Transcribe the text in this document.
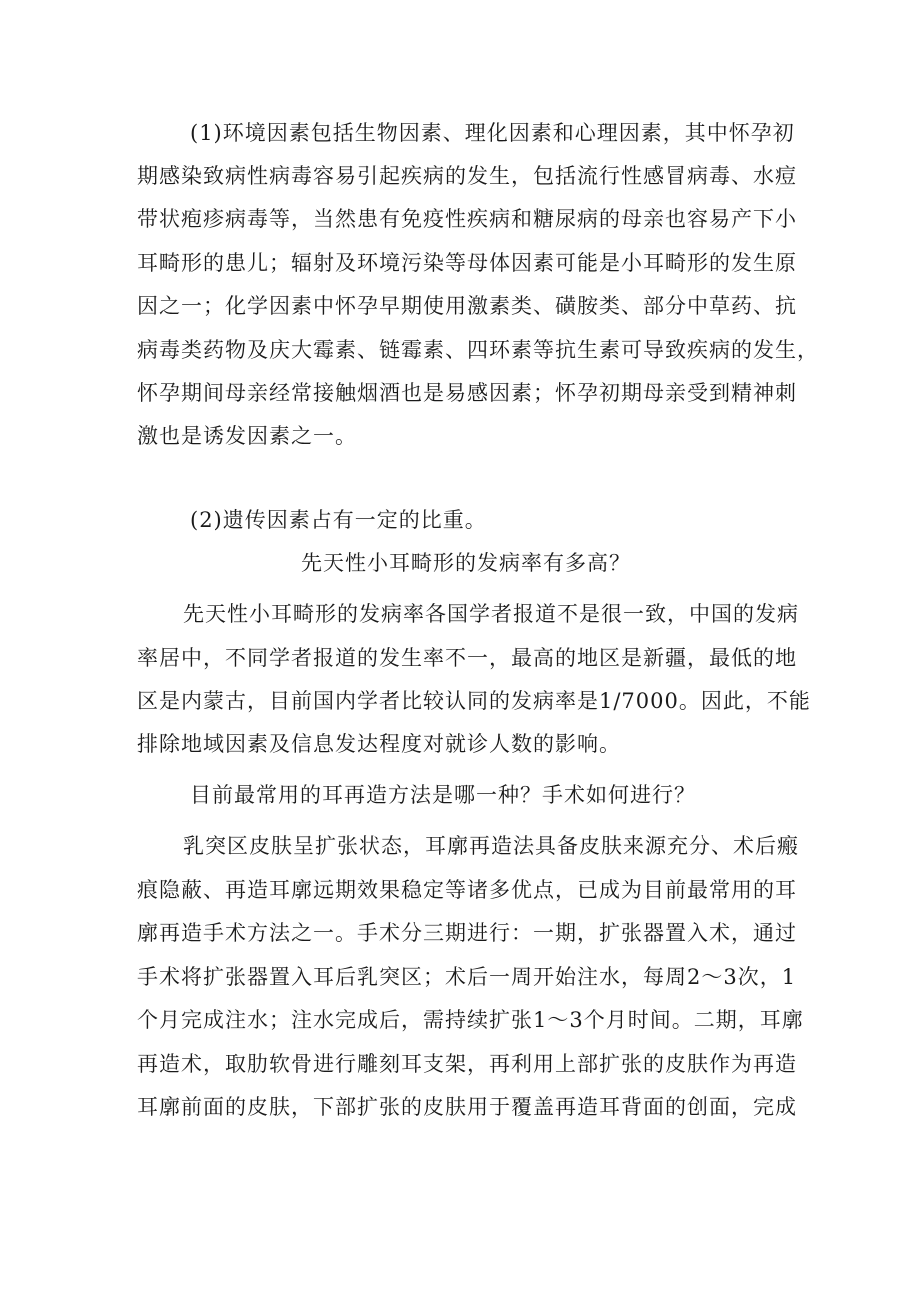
(1)环境因素包括生物因素、理化因素和心理因素，其中怀孕初
期感染致病性病毒容易引起疾病的发生，包括流行性感冒病毒、水痘
带状疱疹病毒等，当然患有免疫性疾病和糖尿病的母亲也容易产下小
耳畸形的患儿；辐射及环境污染等母体因素可能是小耳畸形的发生原
因之一；化学因素中怀孕早期使用激素类、磺胺类、部分中草药、抗
病毒类药物及庆大霉素、链霉素、四环素等抗生素可导致疾病的发生，
怀孕期间母亲经常接触烟酒也是易感因素；怀孕初期母亲受到精神刺
激也是诱发因素之一。
(2)遗传因素占有一定的比重。
先天性小耳畸形的发病率有多高？
先天性小耳畸形的发病率各国学者报道不是很一致，中国的发病
率居中，不同学者报道的发生率不一，最高的地区是新疆，最低的地
区是内蒙古，目前国内学者比较认同的发病率是1/7000。因此，不能
排除地域因素及信息发达程度对就诊人数的影响。
目前最常用的耳再造方法是哪一种？手术如何进行？
乳突区皮肤呈扩张状态，耳廓再造法具备皮肤来源充分、术后瘢
痕隐蔽、再造耳廓远期效果稳定等诸多优点，已成为目前最常用的耳
廓再造手术方法之一。手术分三期进行：一期，扩张器置入术，通过
手术将扩张器置入耳后乳突区；术后一周开始注水，每周2～3次，1
个月完成注水；注水完成后，需持续扩张1～3个月时间。二期，耳廓
再造术，取肋软骨进行雕刻耳支架，再利用上部扩张的皮肤作为再造
耳廓前面的皮肤，下部扩张的皮肤用于覆盖再造耳背面的创面，完成
